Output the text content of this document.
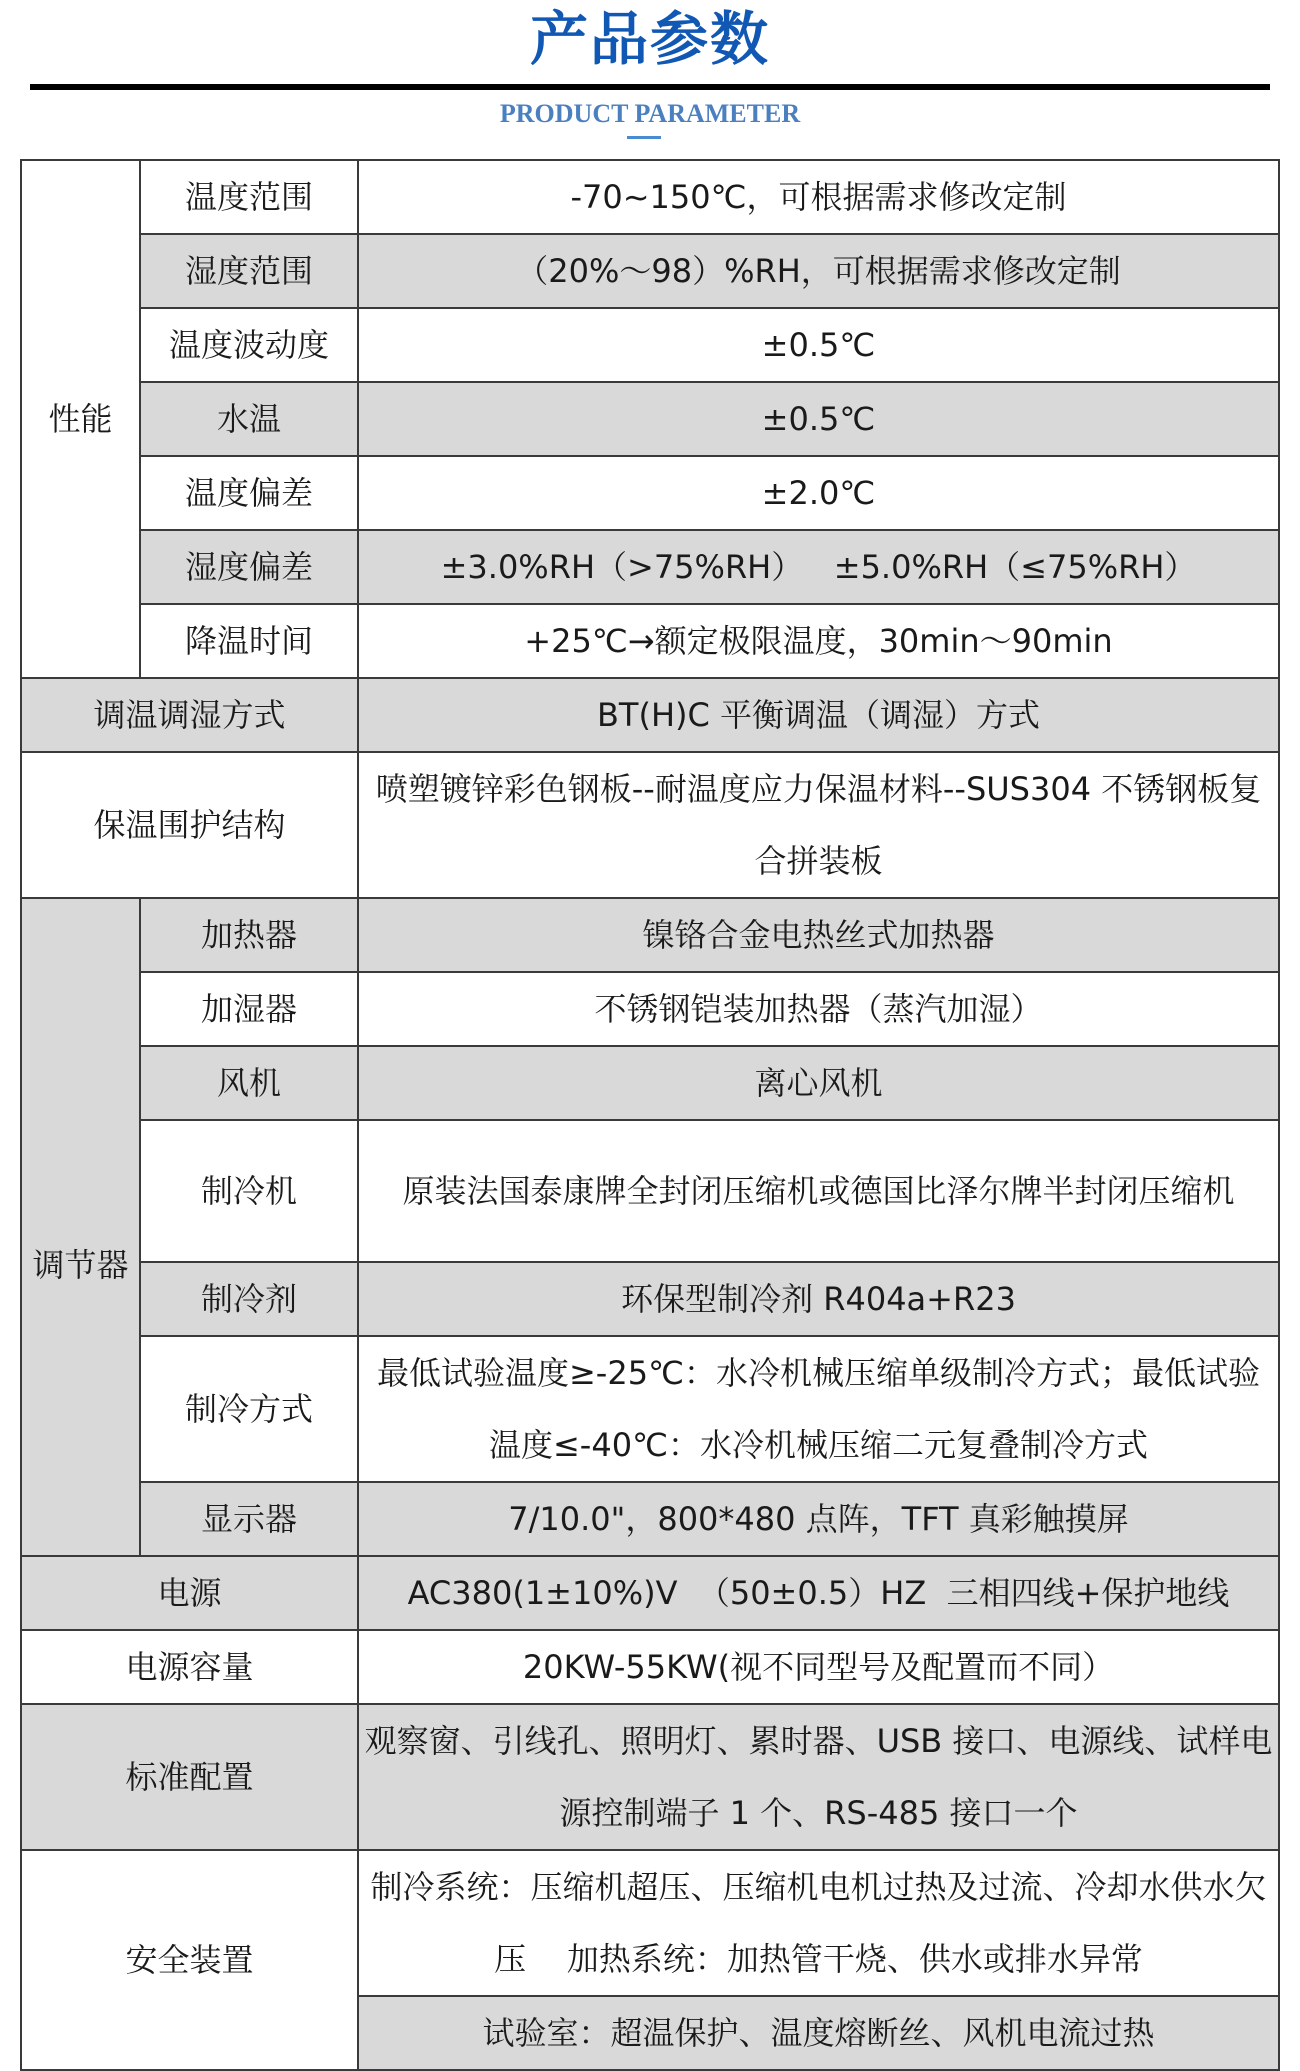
产品参数
PRODUCT PARAMETER
性能	温度范围	-70~150℃，可根据需求修改定制
	湿度范围	（20%～98）%RH，可根据需求修改定制
	温度波动度	±0.5℃
	水温	±0.5℃
	温度偏差	±2.0℃
	湿度偏差	±3.0%RH（>75%RH）   ±5.0%RH（≤75%RH）
	降温时间	+25℃→额定极限温度，30min～90min
调温调湿方式		BT(H)C 平衡调温（调湿）方式
保温围护结构		喷塑镀锌彩色钢板--耐温度应力保温材料--SUS304 不锈钢板复合拼装板
调节器	加热器	镍铬合金电热丝式加热器
	加湿器	不锈钢铠装加热器（蒸汽加湿）
	风机	离心风机
	制冷机	原装法国泰康牌全封闭压缩机或德国比泽尔牌半封闭压缩机
	制冷剂	环保型制冷剂 R404a+R23
	制冷方式	最低试验温度≥-25℃：水冷机械压缩单级制冷方式；最低试验温度≤-40℃：水冷机械压缩二元复叠制冷方式
	显示器	7/10.0"，800*480 点阵，TFT 真彩触摸屏
电源		AC380(1±10%)V  （50±0.5）HZ  三相四线+保护地线
电源容量		20KW-55KW(视不同型号及配置而不同）
标准配置		观察窗、引线孔、照明灯、累时器、USB 接口、电源线、试样电源控制端子 1 个、RS-485 接口一个
安全装置		制冷系统：压缩机超压、压缩机电机过热及过流、冷却水供水欠压    加热系统：加热管干烧、供水或排水异常
		试验室：超温保护、温度熔断丝、风机电流过热
